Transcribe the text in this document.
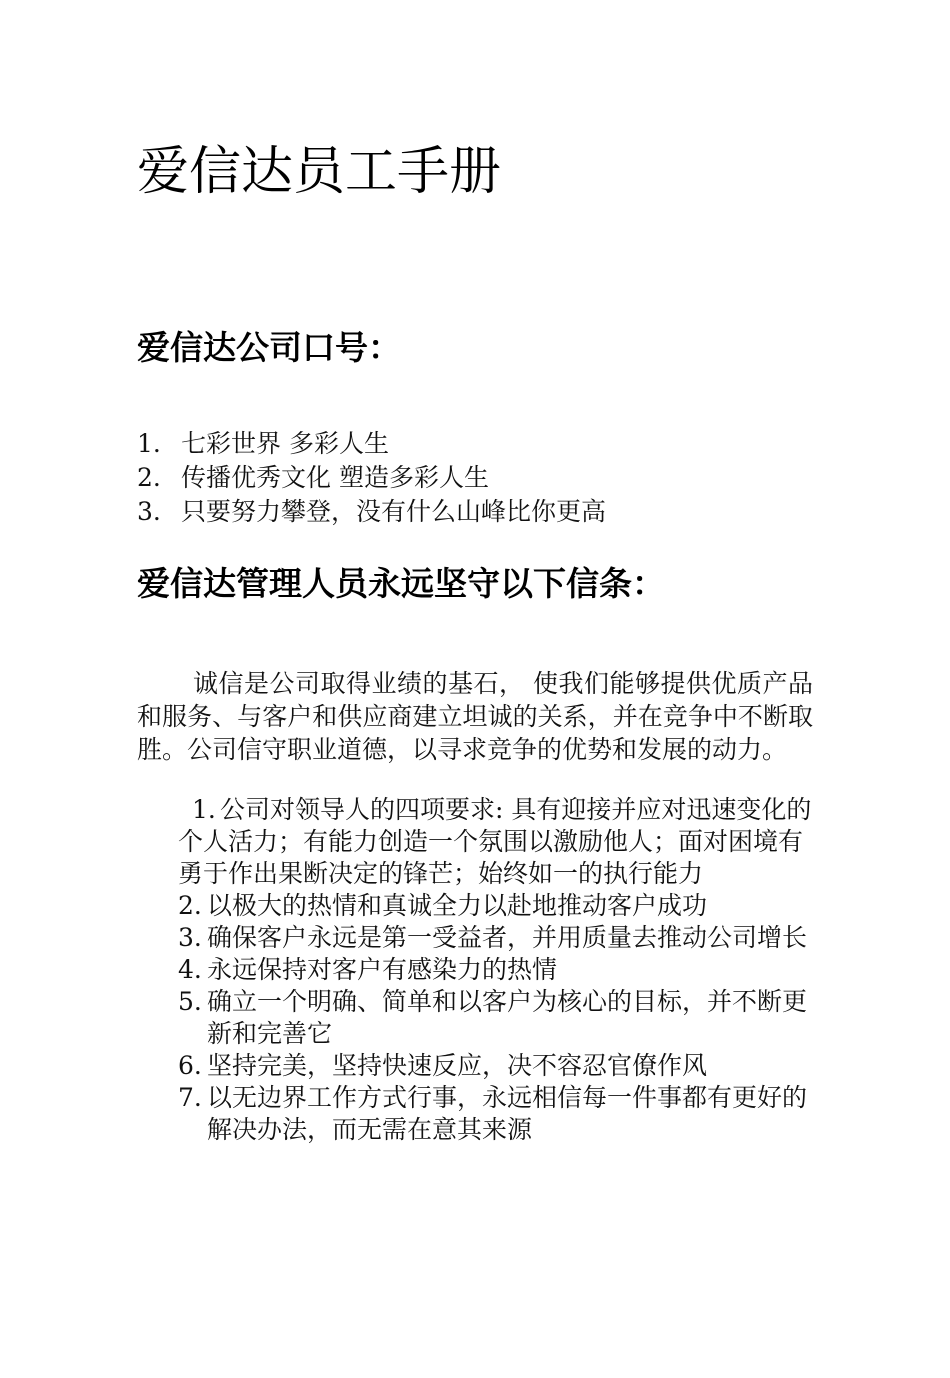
爱信达员工手册
爱信达公司口号：
1. 七彩世界 多彩人生
2. 传播优秀文化 塑造多彩人生
3. 只要努力攀登，没有什么山峰比你更高
爱信达管理人员永远坚守以下信条：

诚信是公司取得业绩的基石， 使我们能够提供优质产品和服务、与客户和供应商建立坦诚的关系，并在竞争中不断取胜。公司信守职业道德，以寻求竞争的优势和发展的动力。

1. 公司对领导人的四项要求: 具有迎接并应对迅速变化的个人活力；有能力创造一个氛围以激励他人；面对困境有勇于作出果断决定的锋芒；始终如一的执行能力
2. 以极大的热情和真诚全力以赴地推动客户成功
3. 确保客户永远是第一受益者，并用质量去推动公司增长
4. 永远保持对客户有感染力的热情
5. 确立一个明确、简单和以客户为核心的目标，并不断更新和完善它
6. 坚持完美，坚持快速反应，决不容忍官僚作风
7. 以无边界工作方式行事，永远相信每一件事都有更好的解决办法，而无需在意其来源
